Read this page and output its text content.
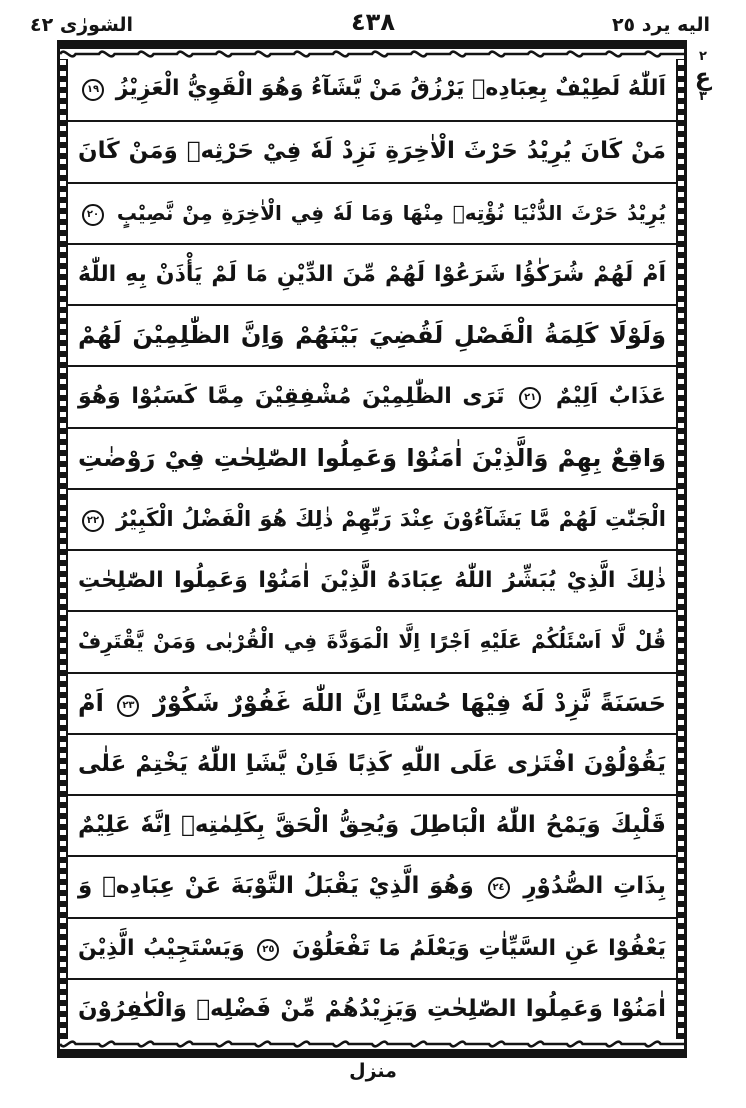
الشورٰى ٤٢	٤٣٨	اليه يرد ٢٥
اَللّٰهُ لَطِيْفٌ بِعِبَادِهٖ يَرْزُقُ مَنْ يَّشَآءُ وَهُوَ الْقَوِيُّ الْعَزِيْزُ ١٩
مَنْ كَانَ يُرِيْدُ حَرْثَ الْاٰخِرَةِ نَزِدْ لَهٗ فِيْ حَرْثِهٖ وَمَنْ كَانَ
يُرِيْدُ حَرْثَ الدُّنْيَا نُؤْتِهٖ مِنْهَا وَمَا لَهٗ فِي الْاٰخِرَةِ مِنْ نَّصِيْبٍ ٢٠
اَمْ لَهُمْ شُرَكٰؤُا شَرَعُوْا لَهُمْ مِّنَ الدِّيْنِ مَا لَمْ يَأْذَنْ بِهِ اللّٰهُ
وَلَوْلَا كَلِمَةُ الْفَصْلِ لَقُضِيَ بَيْنَهُمْ وَاِنَّ الظّٰلِمِيْنَ لَهُمْ
عَذَابٌ اَلِيْمٌ ٢١ تَرَى الظّٰلِمِيْنَ مُشْفِقِيْنَ مِمَّا كَسَبُوْا وَهُوَ
وَاقِعٌ بِهِمْ وَالَّذِيْنَ اٰمَنُوْا وَعَمِلُوا الصّٰلِحٰتِ فِيْ رَوْضٰتِ
الْجَنّٰتِ لَهُمْ مَّا يَشَآءُوْنَ عِنْدَ رَبِّهِمْ ذٰلِكَ هُوَ الْفَضْلُ الْكَبِيْرُ ٢٢
ذٰلِكَ الَّذِيْ يُبَشِّرُ اللّٰهُ عِبَادَهُ الَّذِيْنَ اٰمَنُوْا وَعَمِلُوا الصّٰلِحٰتِ
قُلْ لَّا اَسْئَلُكُمْ عَلَيْهِ اَجْرًا اِلَّا الْمَوَدَّةَ فِي الْقُرْبٰى وَمَنْ يَّقْتَرِفْ
حَسَنَةً نَّزِدْ لَهٗ فِيْهَا حُسْنًا اِنَّ اللّٰهَ غَفُوْرٌ شَكُوْرٌ ٢٣ اَمْ
يَقُوْلُوْنَ افْتَرٰى عَلَى اللّٰهِ كَذِبًا فَاِنْ يَّشَاِ اللّٰهُ يَخْتِمْ عَلٰى
قَلْبِكَ وَيَمْحُ اللّٰهُ الْبَاطِلَ وَيُحِقُّ الْحَقَّ بِكَلِمٰتِهٖ اِنَّهٗ عَلِيْمٌ
بِذَاتِ الصُّدُوْرِ ٢٤ وَهُوَ الَّذِيْ يَقْبَلُ التَّوْبَةَ عَنْ عِبَادِهٖ وَ
يَعْفُوْا عَنِ السَّيِّاٰتِ وَيَعْلَمُ مَا تَفْعَلُوْنَ ٢٥ وَيَسْتَجِيْبُ الَّذِيْنَ
اٰمَنُوْا وَعَمِلُوا الصّٰلِحٰتِ وَيَزِيْدُهُمْ مِّنْ فَضْلِهٖ وَالْكٰفِرُوْنَ
٢
ع
٣
منزل
